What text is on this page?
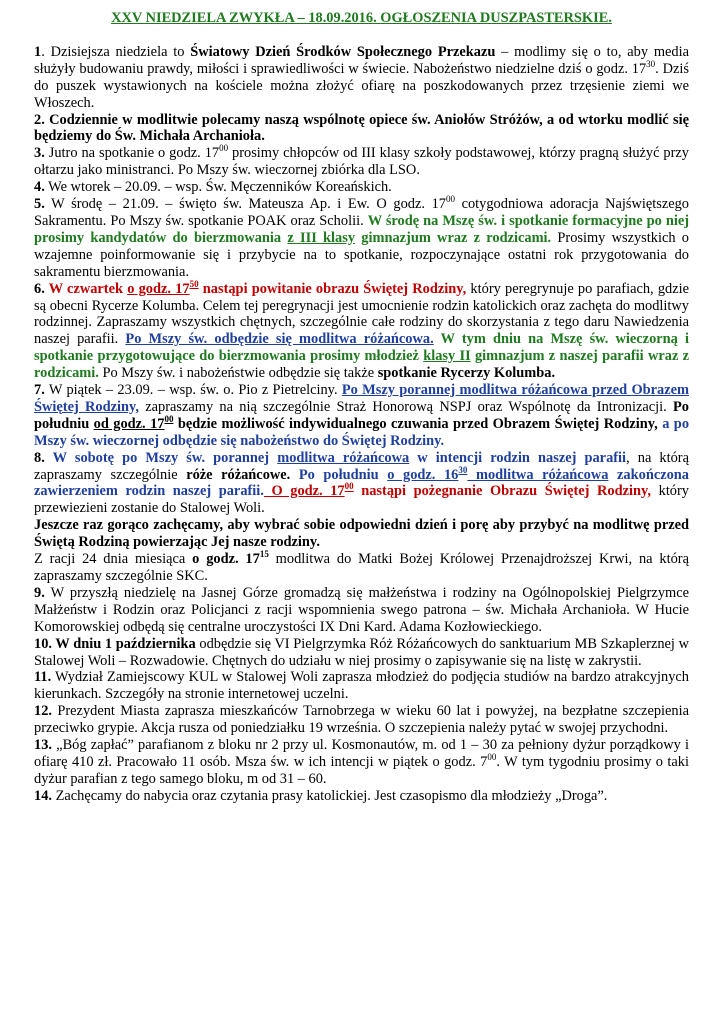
XXV NIEDZIELA ZWYKŁA – 18.09.2016. OGŁOSZENIA DUSZPASTERSKIE.

1. Dzisiejsza niedziela to Światowy Dzień Środków Społecznego Przekazu – modlimy się o to, aby media służyły budowaniu prawdy, miłości i sprawiedliwości w świecie. Nabożeństwo niedzielne dziś o godz. $17^{30}$. Dziś do puszek wystawionych na kościele można złożyć ofiarę na poszkodowanych przez trzęsienie ziemi we Włoszech.

2. Codziennie w modlitwie polecamy naszą wspólnotę opiece św. Aniołów Stróżów, a od wtorku modlić się będziemy do Św. Michała Archanioła.

3. Jutro na spotkanie o godz. $17^{00}$ prosimy chłopców od III klasy szkoły podstawowej, którzy pragną służyć przy ołtarzu jako ministranci. Po Mszy św. wieczornej zbiórka dla LSO.

4. We wtorek – 20.09. – wsp. Św. Męczenników Koreańskich.

5. W środę – 21.09. – święto św. Mateusza Ap. i Ew. O godz. $17^{00}$ cotygodniowa adoracja Najświętszego Sakramentu. Po Mszy św. spotkanie POAK oraz Scholii. W środę na Mszę św. i spotkanie formacyjne po niej prosimy kandydatów do bierzmowania z III klasy gimnazjum wraz z rodzicami. Prosimy wszystkich o wzajemne poinformowanie się i przybycie na to spotkanie, rozpoczynające ostatni rok przygotowania do sakramentu bierzmowania.

6. W czwartek o godz. $17^{50}$ nastąpi powitanie obrazu Świętej Rodziny, który peregrynuje po parafiach, gdzie są obecni Rycerze Kolumba. Celem tej peregrynacji jest umocnienie rodzin katolickich oraz zachęta do modlitwy rodzinnej. Zapraszamy wszystkich chętnych, szczególnie całe rodziny do skorzystania z tego daru Nawiedzenia naszej parafii. Po Mszy św. odbędzie się modlitwa różańcowa. W tym dniu na Mszę św. wieczorną i spotkanie przygotowujące do bierzmowania prosimy młodzież klasy II gimnazjum z naszej parafii wraz z rodzicami. Po Mszy św. i nabożeństwie odbędzie się także spotkanie Rycerzy Kolumba.

7. W piątek – 23.09. – wsp. św. o. Pio z Pietrelciny. Po Mszy porannej modlitwa różańcowa przed Obrazem Świętej Rodziny, zapraszamy na nią szczególnie Straż Honorową NSPJ oraz Wspólnotę da Intronizacji. Po południu od godz. $17^{00}$ będzie możliwość indywidualnego czuwania przed Obrazem Świętej Rodziny, a po Mszy św. wieczornej odbędzie się nabożeństwo do Świętej Rodziny.

8. W sobotę po Mszy św. porannej modlitwa różańcowa w intencji rodzin naszej parafii, na którą zapraszamy szczególnie róże różańcowe. Po południu o godz. $16^{30}$ modlitwa różańcowa zakończona zawierzeniem rodzin naszej parafii. O godz. $17^{00}$ nastąpi pożegnanie Obrazu Świętej Rodziny, który przewiezieni zostanie do Stalowej Woli.

Jeszcze raz gorąco zachęcamy, aby wybrać sobie odpowiedni dzień i porę aby przybyć na modlitwę przed Świętą Rodziną powierzając Jej nasze rodziny.

Z racji 24 dnia miesiąca o godz. $17^{15}$ modlitwa do Matki Bożej Królowej Przenajdroższej Krwi, na którą zapraszamy szczególnie SKC.

9. W przyszłą niedzielę na Jasnej Górze gromadzą się małżeństwa i rodziny na Ogólnopolskiej Pielgrzymce Małżeństw i Rodzin oraz Policjanci z racji wspomnienia swego patrona – św. Michała Archanioła. W Hucie Komorowskiej odbędą się centralne uroczystości IX Dni Kard. Adama Kozłowieckiego.

10. W dniu 1 października odbędzie się VI Pielgrzymka Róż Różańcowych do sanktuarium MB Szkaplerznej w Stalowej Woli – Rozwadowie. Chętnych do udziału w niej prosimy o zapisywanie się na listę w zakrystii.

11. Wydział Zamiejscowy KUL w Stalowej Woli zaprasza młodzież do podjęcia studiów na bardzo atrakcyjnych kierunkach. Szczegóły na stronie internetowej uczelni.

12. Prezydent Miasta zaprasza mieszkańców Tarnobrzega w wieku 60 lat i powyżej, na bezpłatne szczepienia przeciwko grypie. Akcja rusza od poniedziałku 19 września. O szczepienia należy pytać w swojej przychodni.

13. „Bóg zapłać” parafianom z bloku nr 2 przy ul. Kosmonautów, m. od 1 – 30 za pełniony dyżur porządkowy i ofiarę 410 zł. Pracowało 11 osób. Msza św. w ich intencji w piątek o godz. $7^{00}$. W tym tygodniu prosimy o taki dyżur parafian z tego samego bloku, m od 31 – 60.

14. Zachęcamy do nabycia oraz czytania prasy katolickiej. Jest czasopismo dla młodzieży „Droga”.
